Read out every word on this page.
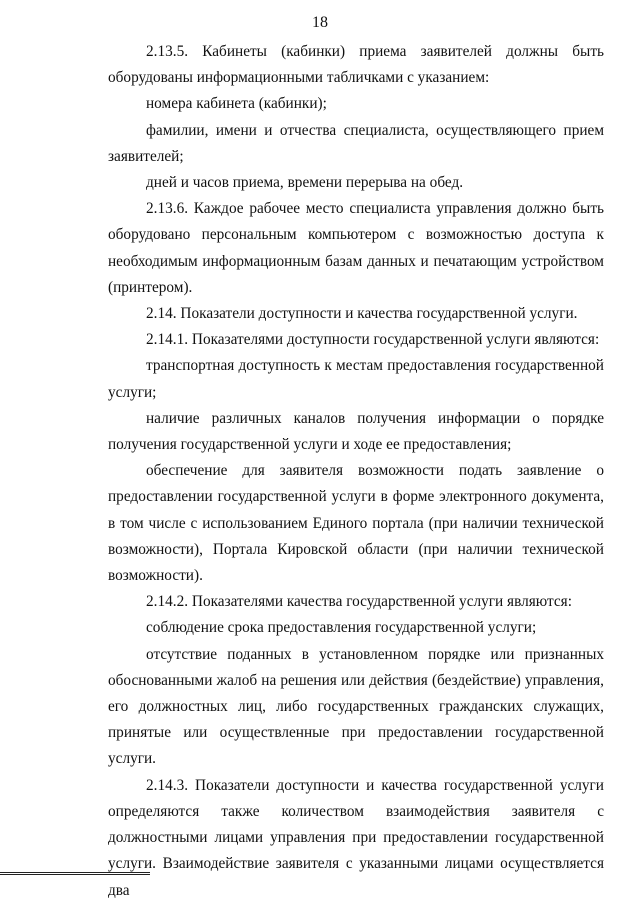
18

2.13.5. Кабинеты (кабинки) приема заявителей должны быть оборудованы информационными табличками с указанием:

номера кабинета (кабинки);

фамилии, имени и отчества специалиста, осуществляющего прием заявителей;

дней и часов приема, времени перерыва на обед.

2.13.6. Каждое рабочее место специалиста управления должно быть оборудовано персональным компьютером с возможностью доступа к необходимым информационным базам данных и печатающим устройством (принтером).

2.14. Показатели доступности и качества государственной услуги.

2.14.1. Показателями доступности государственной услуги являются:

транспортная доступность к местам предоставления государственной услуги;

наличие различных каналов получения информации о порядке получения государственной услуги и ходе ее предоставления;

обеспечение для заявителя возможности подать заявление о предоставлении государственной услуги в форме электронного документа, в том числе с использованием Единого портала (при наличии технической возможности), Портала Кировской области (при наличии технической возможности).

2.14.2. Показателями качества государственной услуги являются:

соблюдение срока предоставления государственной услуги;

отсутствие поданных в установленном порядке или признанных обоснованными жалоб на решения или действия (бездействие) управления, его должностных лиц, либо государственных гражданских служащих, принятые или осуществленные при предоставлении государственной услуги.

2.14.3. Показатели доступности и качества государственной услуги определяются также количеством взаимодействия заявителя с должностными лицами управления при предоставлении государственной услуги. Взаимодействие заявителя с указанными лицами осуществляется два
